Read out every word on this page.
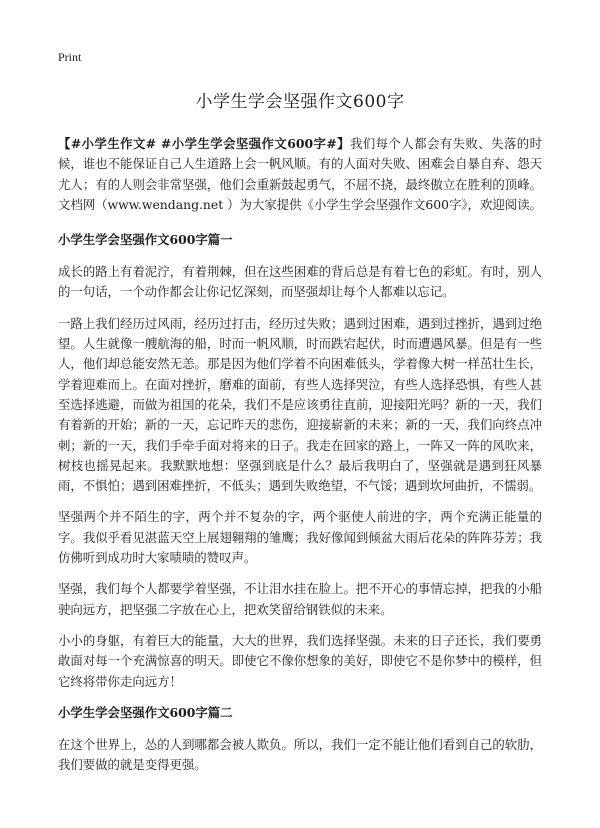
Print
小学生学会坚强作文600字

【#小学生作文# #小学生学会坚强作文600字#】我们每个人都会有失败、失落的时候，谁也不能保证自己人生道路上会一帆风顺。有的人面对失败、困难会自暴自弃、怨天尤人；有的人则会非常坚强，他们会重新鼓起勇气，不屈不挠，最终傲立在胜利的顶峰。文档网（www.wendang.net ）为大家提供《小学生学会坚强作文600字》，欢迎阅读。

小学生学会坚强作文600字篇一

成长的路上有着泥泞，有着荆棘，但在这些困难的背后总是有着七色的彩虹。有时，别人的一句话，一个动作都会让你记忆深刻，而坚强却让每个人都难以忘记。

一路上我们经历过风雨，经历过打击，经历过失败；遇到过困难，遇到过挫折，遇到过绝望。人生就像一艘航海的船，时而一帆风顺，时而跌宕起伏，时而遭遇风暴。但是有一些人，他们却总能安然无恙。那是因为他们学着不向困难低头，学着像大树一样茁壮生长，学着迎难而上。在面对挫折，磨难的面前，有些人选择哭泣，有些人选择恐惧，有些人甚至选择逃避，而做为祖国的花朵，我们不是应该勇往直前，迎接阳光吗？新的一天，我们有着新的开始；新的一天，忘记昨天的悲伤，迎接崭新的未来；新的一天，我们向终点冲刺；新的一天，我们手牵手面对将来的日子。我走在回家的路上，一阵又一阵的风吹来，树枝也摇晃起来。我默默地想：坚强到底是什么？最后我明白了，坚强就是遇到狂风暴雨，不惧怕；遇到困难挫折，不低头；遇到失败绝望，不气馁；遇到坎坷曲折，不懦弱。

坚强两个并不陌生的字，两个并不复杂的字，两个驱使人前进的字，两个充满正能量的字。我似乎看见湛蓝天空上展翅翱翔的雏鹰；我好像闻到倾盆大雨后花朵的阵阵芬芳；我仿佛听到成功时大家啧啧的赞叹声。

坚强，我们每个人都要学着坚强，不让泪水挂在脸上。把不开心的事情忘掉，把我的小船驶向远方，把坚强二字放在心上，把欢笑留给钢铁似的未来。

小小的身躯，有着巨大的能量，大大的世界，我们选择坚强。未来的日子还长，我们要勇敢面对每一个充满惊喜的明天。即使它不像你想象的美好，即使它不是你梦中的模样，但它终将带你走向远方！

小学生学会坚强作文600字篇二

在这个世界上，怂的人到哪都会被人欺负。所以，我们一定不能让他们看到自己的软肋，我们要做的就是变得更强。
